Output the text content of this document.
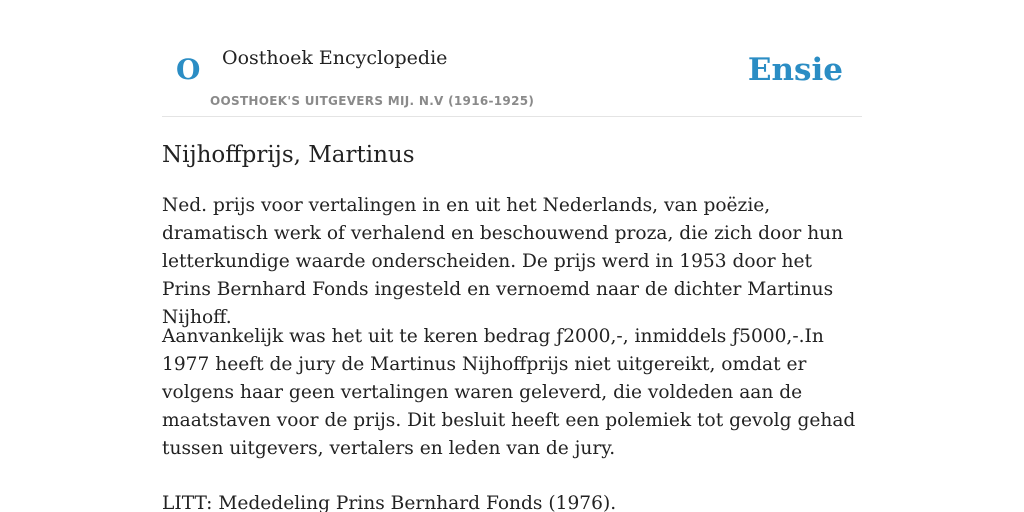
O Oosthoek Encyclopedie
OOSTHOEK'S UITGEVERS MIJ. N.V (1916-1925)
Ensie
Nijhoffprijs, Martinus

Ned. prijs voor vertalingen in en uit het Nederlands, van poëzie, dramatisch werk of verhalend en beschouwend proza, die zich door hun letterkundige waarde onderscheiden. De prijs werd in 1953 door het Prins Bernhard Fonds ingesteld en vernoemd naar de dichter Martinus Nijhoff.

Aanvankelijk was het uit te keren bedrag ƒ2000,-, inmiddels ƒ5000,-.In 1977 heeft de jury de Martinus Nijhoffprijs niet uitgereikt, omdat er volgens haar geen vertalingen waren geleverd, die voldeden aan de maatstaven voor de prijs. Dit besluit heeft een polemiek tot gevolg gehad tussen uitgevers, vertalers en leden van de jury.

LITT: Mededeling Prins Bernhard Fonds (1976).
